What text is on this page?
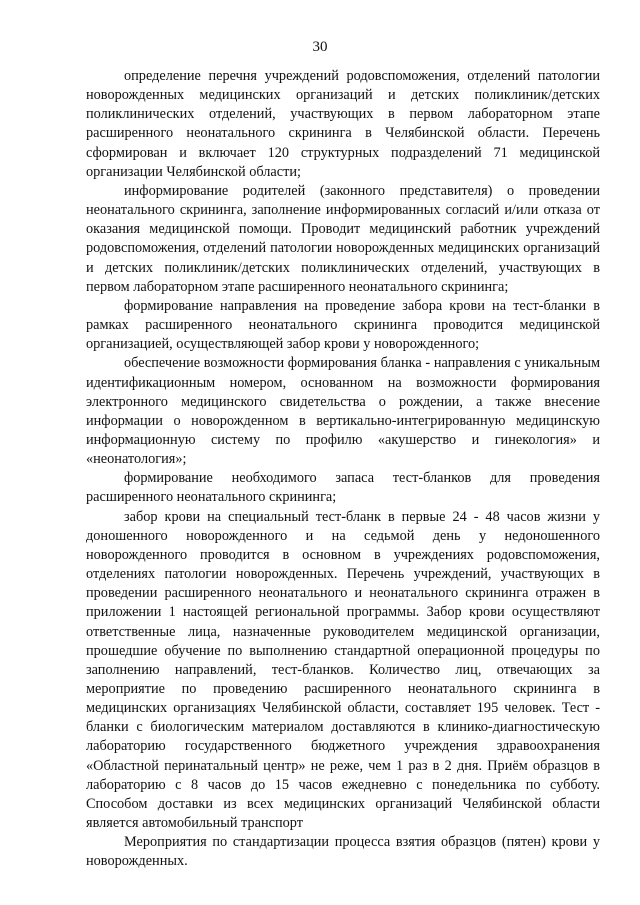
30

определение перечня учреждений родовспоможения, отделений патологии новорожденных медицинских организаций и детских поликлиник/детских поликлинических отделений, участвующих в первом лабораторном этапе расширенного неонатального скрининга в Челябинской области. Перечень сформирован и включает 120 структурных подразделений 71 медицинской организации Челябинской области;

информирование родителей (законного представителя) о проведении неонатального скрининга, заполнение информированных согласий и/или отказа от оказания медицинской помощи. Проводит медицинский работник учреждений родовспоможения, отделений патологии новорожденных медицинских организаций и детских поликлиник/детских поликлинических отделений, участвующих в первом лабораторном этапе расширенного неонатального скрининга;

формирование направления на проведение забора крови на тест-бланки в рамках расширенного неонатального скрининга проводится медицинской организацией, осуществляющей забор крови у новорожденного;

обеспечение возможности формирования бланка - направления с уникальным идентификационным номером, основанном на возможности формирования электронного медицинского свидетельства о рождении, а также внесение информации о новорожденном в вертикально-интегрированную медицинскую информационную систему по профилю «акушерство и гинекология» и «неонатология»;

формирование необходимого запаса тест-бланков для проведения расширенного неонатального скрининга;

забор крови на специальный тест-бланк в первые 24 - 48 часов жизни у доношенного новорожденного и на седьмой день у недоношенного новорожденного проводится в основном в учреждениях родовспоможения, отделениях патологии новорожденных. Перечень учреждений, участвующих в проведении расширенного неонатального и неонатального скрининга отражен в приложении 1 настоящей региональной программы. Забор крови осуществляют ответственные лица, назначенные руководителем медицинской организации, прошедшие обучение по выполнению стандартной операционной процедуры по заполнению направлений, тест-бланков. Количество лиц, отвечающих за мероприятие по проведению расширенного неонатального скрининга в медицинских организациях Челябинской области, составляет 195 человек. Тест - бланки с биологическим материалом доставляются в клинико-диагностическую лабораторию государственного бюджетного учреждения здравоохранения «Областной перинатальный центр» не реже, чем 1 раз в 2 дня. Приём образцов в лабораторию с 8 часов до 15 часов ежедневно с понедельника по субботу. Способом доставки из всех медицинских организаций Челябинской области является автомобильный транспорт

Мероприятия по стандартизации процесса взятия образцов (пятен) крови у новорожденных.
